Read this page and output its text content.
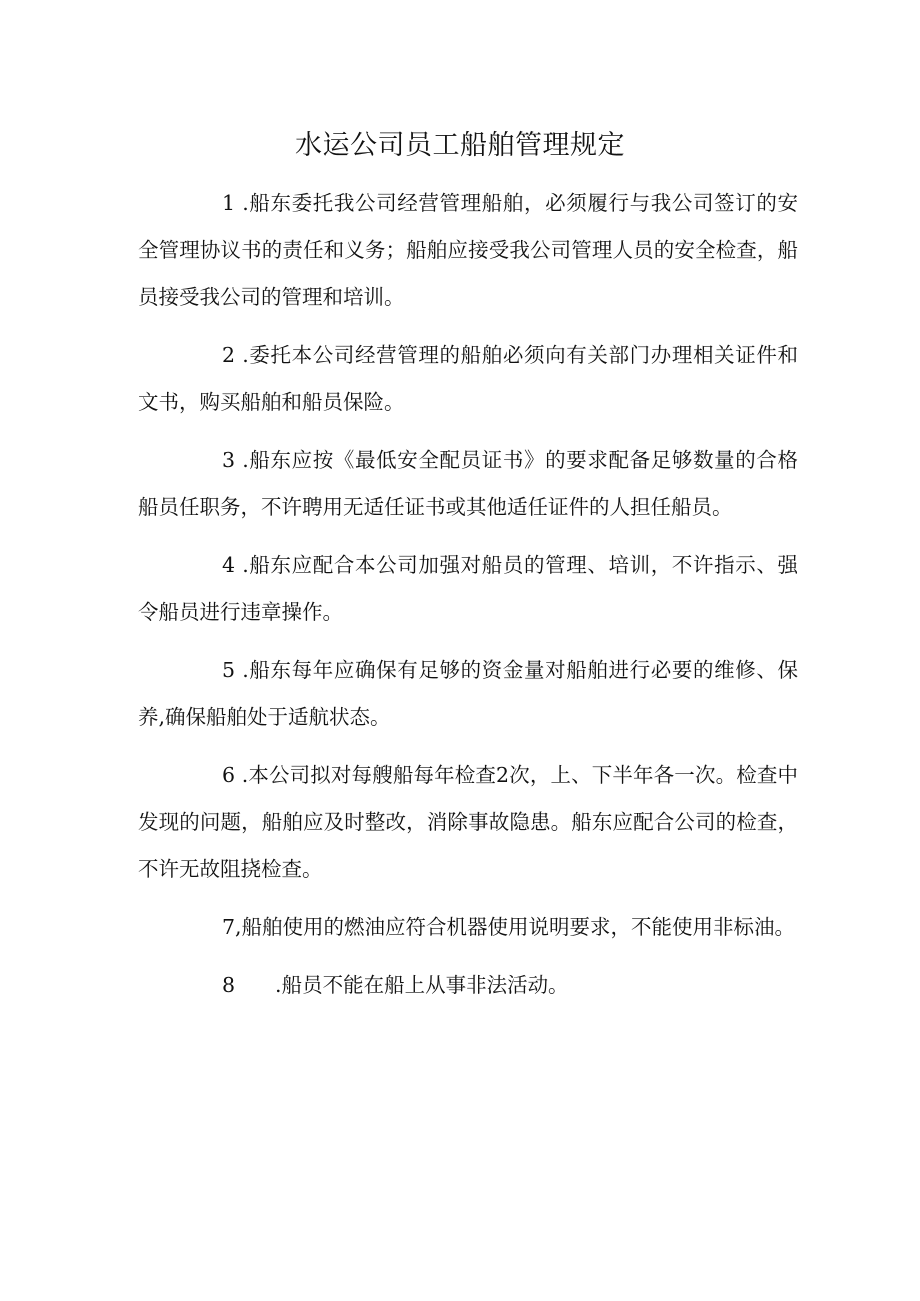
水运公司员工船舶管理规定

1 .船东委托我公司经营管理船舶，必须履行与我公司签订的安全管理协议书的责任和义务；船舶应接受我公司管理人员的安全检查，船员接受我公司的管理和培训。

2 .委托本公司经营管理的船舶必须向有关部门办理相关证件和文书，购买船舶和船员保险。

3 .船东应按《最低安全配员证书》的要求配备足够数量的合格船员任职务，不许聘用无适任证书或其他适任证件的人担任船员。

4 .船东应配合本公司加强对船员的管理、培训，不许指示、强令船员进行违章操作。

5 .船东每年应确保有足够的资金量对船舶进行必要的维修、保养,确保船舶处于适航状态。

6 .本公司拟对每艘船每年检查2次，上、下半年各一次。检查中发现的问题，船舶应及时整改，消除事故隐患。船东应配合公司的检查，不许无故阻挠检查。

7,船舶使用的燃油应符合机器使用说明要求，不能使用非标油。

8 .船员不能在船上从事非法活动。
